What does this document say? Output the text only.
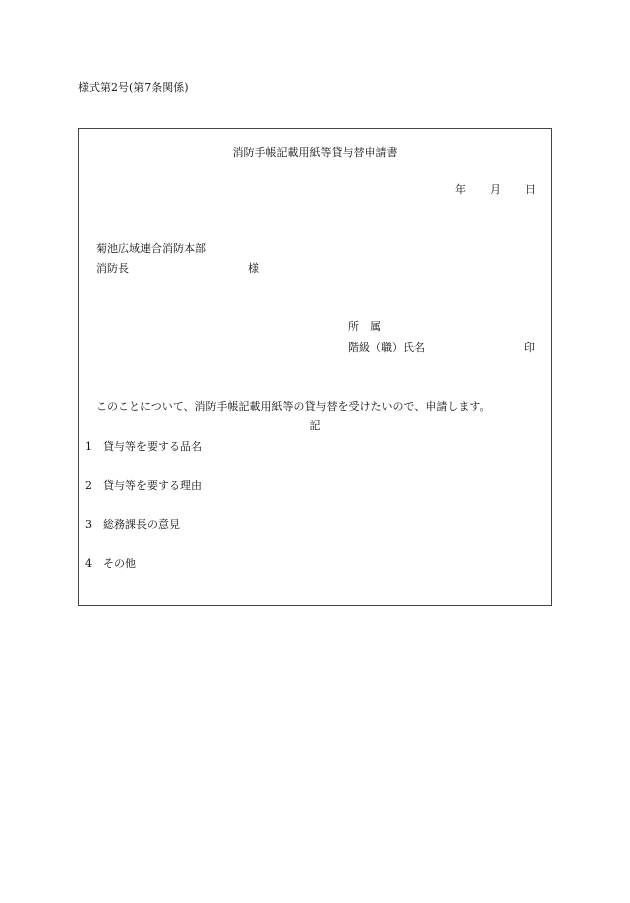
様式第2号(第7条関係)
消防手帳記載用紙等貸与替申請書
年 月 日
菊池広域連合消防本部
消防長	様
所　属
階級（職）氏名	印
このことについて、消防手帳記載用紙等の貸与替を受けたいので、申請します。
記
1 貸与等を要する品名
2 貸与等を要する理由
3 総務課長の意見
4 その他
